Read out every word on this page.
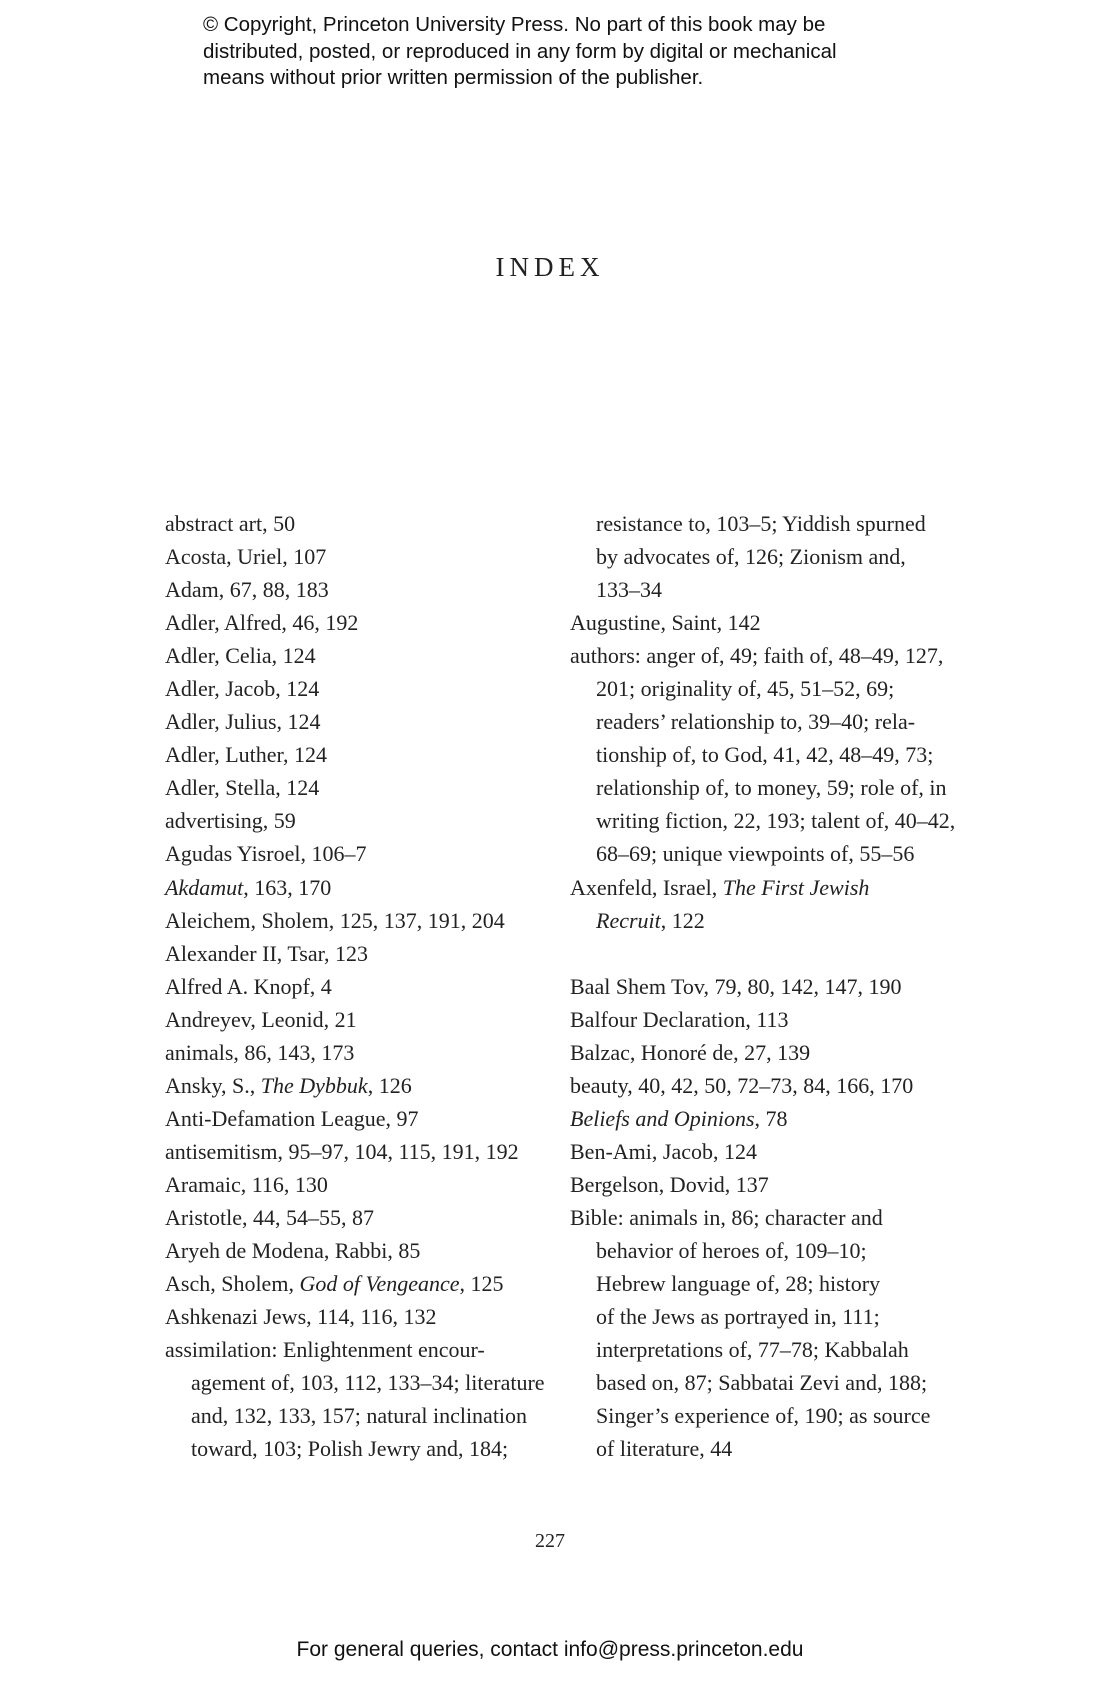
© Copyright, Princeton University Press. No part of this book may be
distributed, posted, or reproduced in any form by digital or mechanical
means without prior written permission of the publisher.
INDEX
abstract art, 50
Acosta, Uriel, 107
Adam, 67, 88, 183
Adler, Alfred, 46, 192
Adler, Celia, 124
Adler, Jacob, 124
Adler, Julius, 124
Adler, Luther, 124
Adler, Stella, 124
advertising, 59
Agudas Yisroel, 106–7
Akdamut, 163, 170
Aleichem, Sholem, 125, 137, 191, 204
Alexander II, Tsar, 123
Alfred A. Knopf, 4
Andreyev, Leonid, 21
animals, 86, 143, 173
Ansky, S., The Dybbuk, 126
Anti-Defamation League, 97
antisemitism, 95–97, 104, 115, 191, 192
Aramaic, 116, 130
Aristotle, 44, 54–55, 87
Aryeh de Modena, Rabbi, 85
Asch, Sholem, God of Vengeance, 125
Ashkenazi Jews, 114, 116, 132
assimilation: Enlightenment encour-
agement of, 103, 112, 133–34; literature
and, 132, 133, 157; natural inclination
toward, 103; Polish Jewry and, 184;
resistance to, 103–5; Yiddish spurned
by advocates of, 126; Zionism and,
133–34
Augustine, Saint, 142
authors: anger of, 49; faith of, 48–49, 127,
201; originality of, 45, 51–52, 69;
readers’ relationship to, 39–40; rela-
tionship of, to God, 41, 42, 48–49, 73;
relationship of, to money, 59; role of, in
writing fiction, 22, 193; talent of, 40–42,
68–69; unique viewpoints of, 55–56
Axenfeld, Israel, The First Jewish
Recruit, 122
Baal Shem Tov, 79, 80, 142, 147, 190
Balfour Declaration, 113
Balzac, Honoré de, 27, 139
beauty, 40, 42, 50, 72–73, 84, 166, 170
Beliefs and Opinions, 78
Ben-Ami, Jacob, 124
Bergelson, Dovid, 137
Bible: animals in, 86; character and
behavior of heroes of, 109–10;
Hebrew language of, 28; history
of the Jews as portrayed in, 111;
interpretations of, 77–78; Kabbalah
based on, 87; Sabbatai Zevi and, 188;
Singer’s experience of, 190; as source
of literature, 44
227
For general queries, contact info@press.princeton.edu
